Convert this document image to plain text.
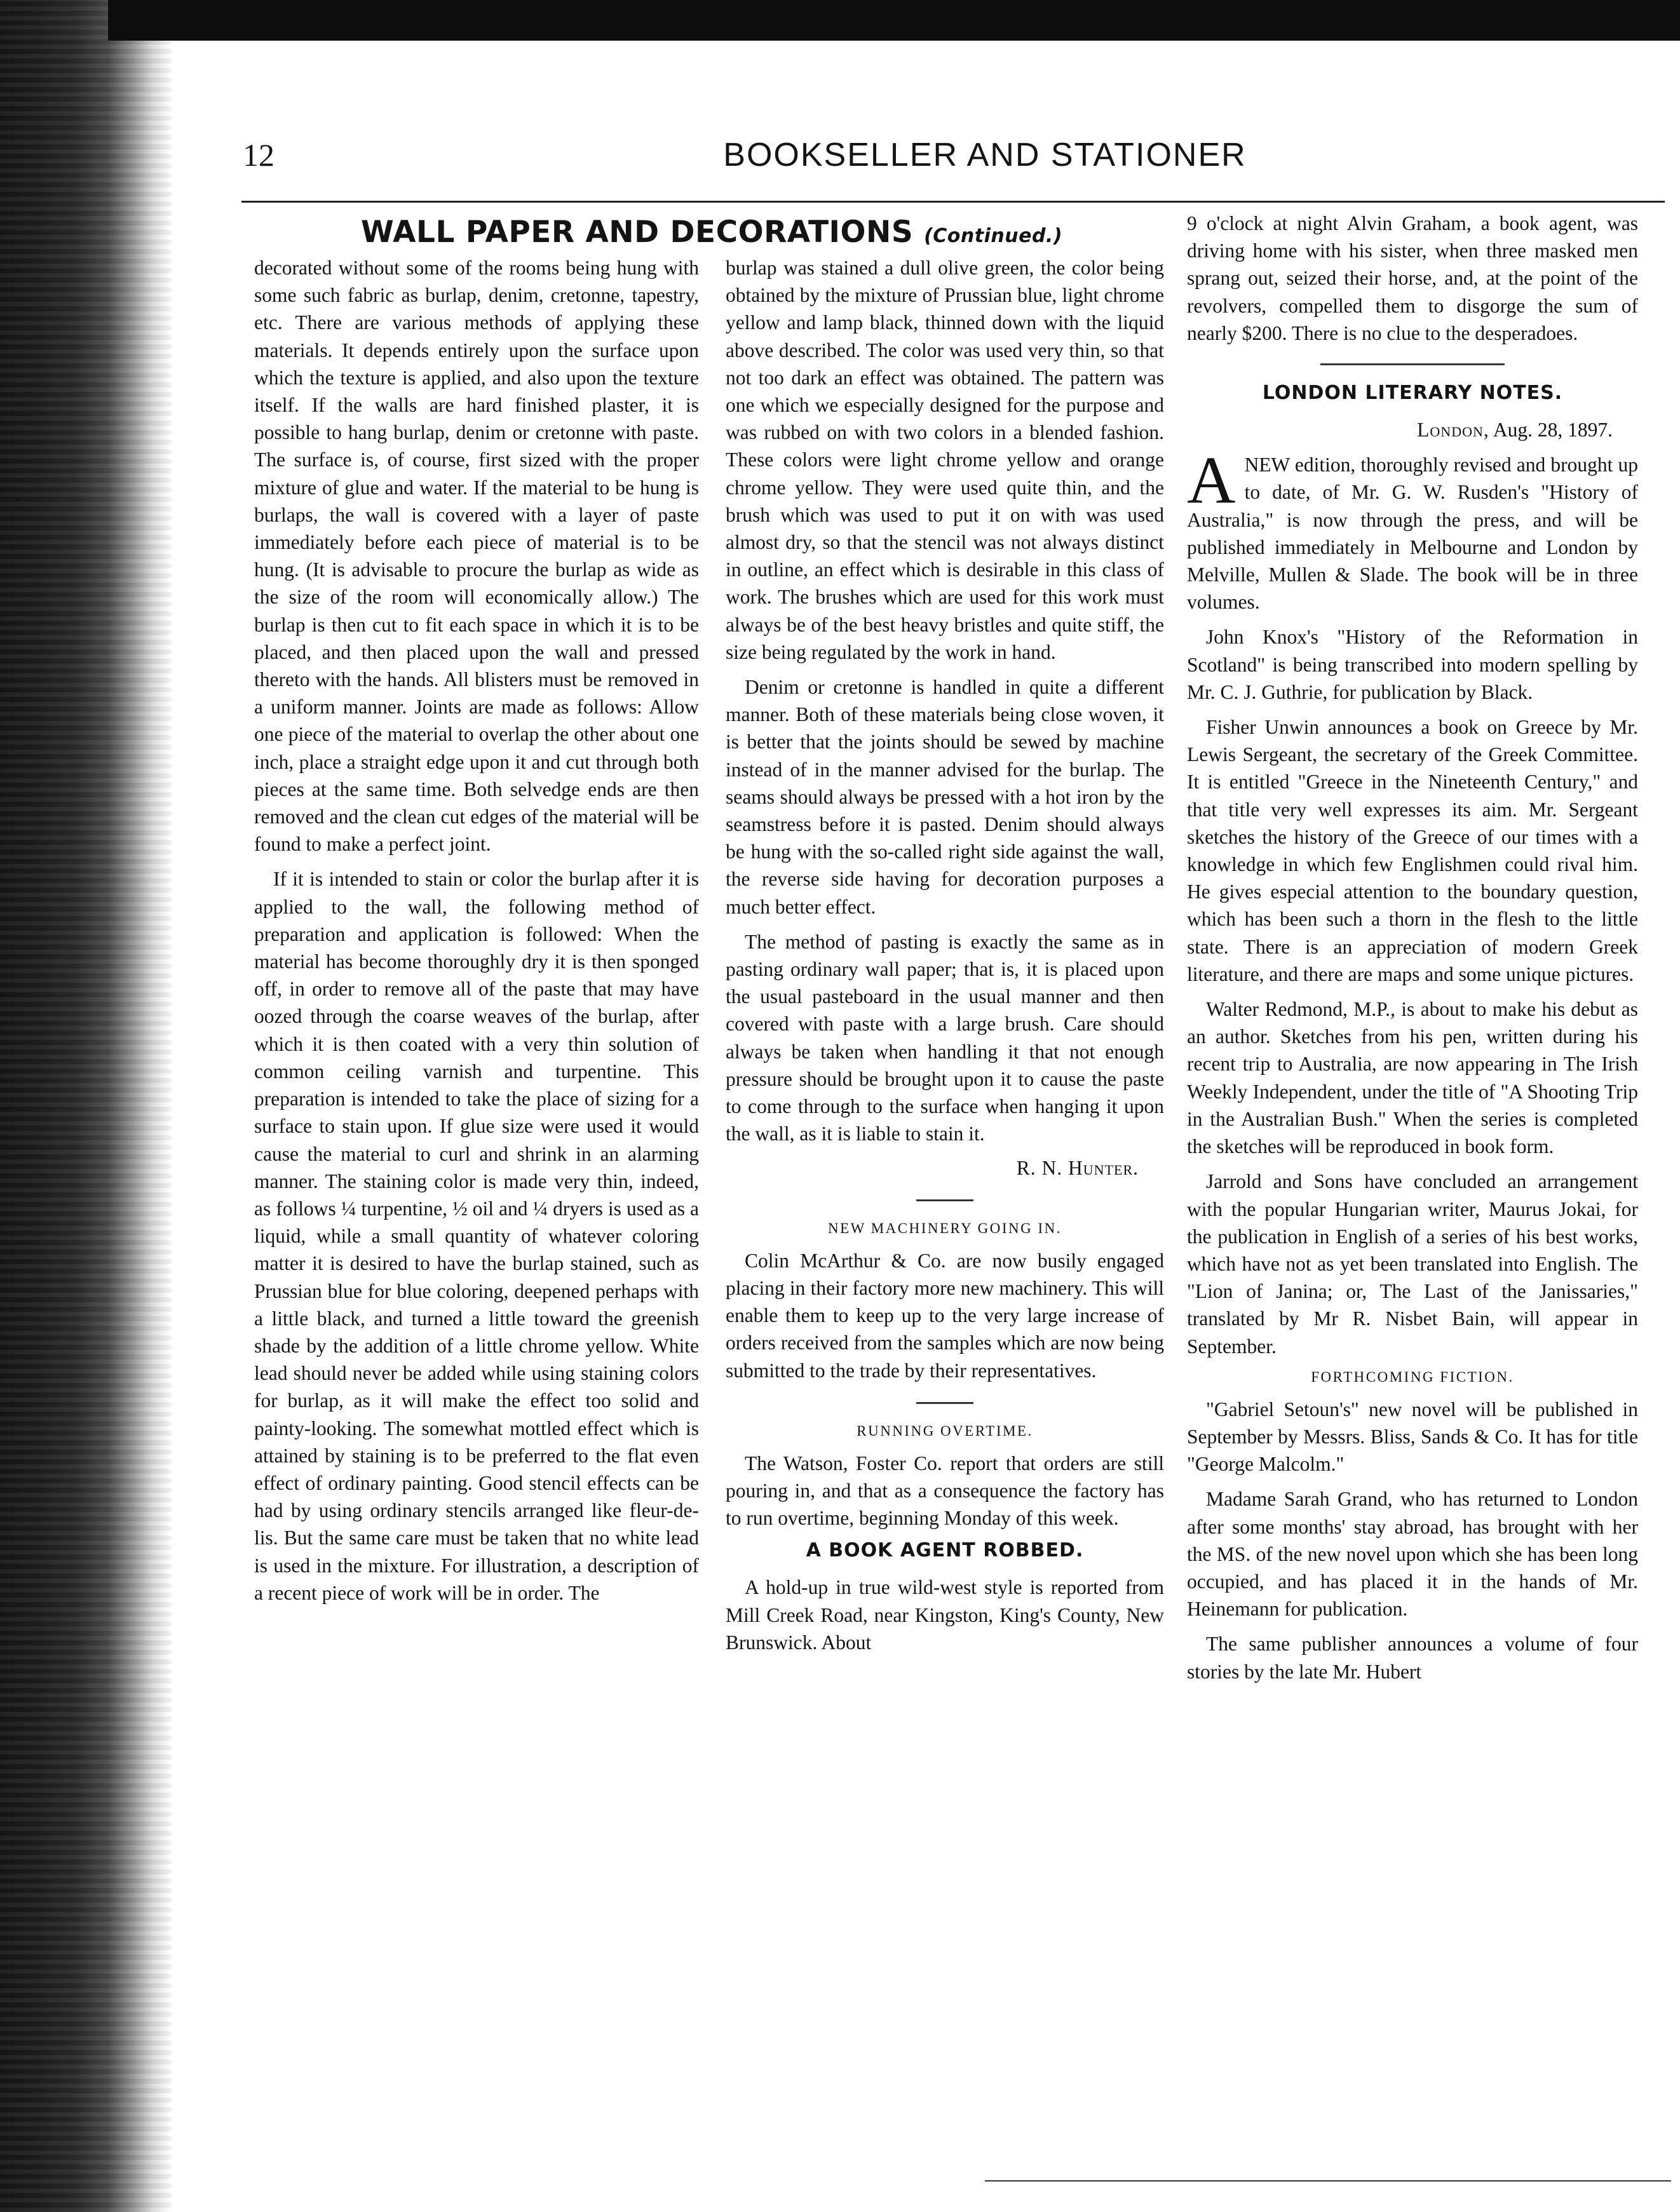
12	BOOKSELLER AND STATIONER
WALL PAPER AND DECORATIONS (Continued.)

decorated without some of the rooms being hung with some such fabric as burlap, denim, cretonne, tapestry, etc. There are various methods of applying these materials. It depends entirely upon the surface upon which the texture is applied, and also upon the texture itself. If the walls are hard finished plaster, it is possible to hang burlap, denim or cretonne with paste. The surface is, of course, first sized with the proper mixture of glue and water. If the material to be hung is burlaps, the wall is covered with a layer of paste immediately before each piece of material is to be hung. (It is advisable to procure the burlap as wide as the size of the room will economically allow.) The burlap is then cut to fit each space in which it is to be placed, and then placed upon the wall and pressed thereto with the hands. All blisters must be removed in a uniform manner. Joints are made as follows: Allow one piece of the material to overlap the other about one inch, place a straight edge upon it and cut through both pieces at the same time. Both selvedge ends are then removed and the clean cut edges of the material will be found to make a perfect joint.

If it is intended to stain or color the burlap after it is applied to the wall, the following method of preparation and application is followed: When the material has become thoroughly dry it is then sponged off, in order to remove all of the paste that may have oozed through the coarse weaves of the burlap, after which it is then coated with a very thin solution of common ceiling varnish and turpentine. This preparation is intended to take the place of sizing for a surface to stain upon. If glue size were used it would cause the material to curl and shrink in an alarming manner. The staining color is made very thin, indeed, as follows ¼ turpentine, ½ oil and ¼ dryers is used as a liquid, while a small quantity of whatever coloring matter it is desired to have the burlap stained, such as Prussian blue for blue coloring, deepened perhaps with a little black, and turned a little toward the greenish shade by the addition of a little chrome yellow. White lead should never be added while using staining colors for burlap, as it will make the effect too solid and painty-looking. The somewhat mottled effect which is attained by staining is to be preferred to the flat even effect of ordinary painting. Good stencil effects can be had by using ordinary stencils arranged like fleur-de-lis. But the same care must be taken that no white lead is used in the mixture. For illustration, a description of a recent piece of work will be in order. The

burlap was stained a dull olive green, the color being obtained by the mixture of Prussian blue, light chrome yellow and lamp black, thinned down with the liquid above described. The color was used very thin, so that not too dark an effect was obtained. The pattern was one which we especially designed for the purpose and was rubbed on with two colors in a blended fashion. These colors were light chrome yellow and orange chrome yellow. They were used quite thin, and the brush which was used to put it on with was used almost dry, so that the stencil was not always distinct in outline, an effect which is desirable in this class of work. The brushes which are used for this work must always be of the best heavy bristles and quite stiff, the size being regulated by the work in hand.

Denim or cretonne is handled in quite a different manner. Both of these materials being close woven, it is better that the joints should be sewed by machine instead of in the manner advised for the burlap. The seams should always be pressed with a hot iron by the seamstress before it is pasted. Denim should always be hung with the so-called right side against the wall, the reverse side having for decoration purposes a much better effect.

The method of pasting is exactly the same as in pasting ordinary wall paper; that is, it is placed upon the usual pasteboard in the usual manner and then covered with paste with a large brush. Care should always be taken when handling it that not enough pressure should be brought upon it to cause the paste to come through to the surface when hanging it upon the wall, as it is liable to stain it.

R. N. Hunter.
NEW MACHINERY GOING IN.

Colin McArthur & Co. are now busily engaged placing in their factory more new machinery. This will enable them to keep up to the very large increase of orders received from the samples which are now being submitted to the trade by their representatives.

RUNNING OVERTIME.

The Watson, Foster Co. report that orders are still pouring in, and that as a consequence the factory has to run overtime, beginning Monday of this week.

A BOOK AGENT ROBBED.

A hold-up in true wild-west style is reported from Mill Creek Road, near Kingston, King's County, New Brunswick. About

9 o'clock at night Alvin Graham, a book agent, was driving home with his sister, when three masked men sprang out, seized their horse, and, at the point of the revolvers, compelled them to disgorge the sum of nearly $200. There is no clue to the desperadoes.

LONDON LITERARY NOTES.

London, Aug. 28, 1897.

A NEW edition, thoroughly revised and brought up to date, of Mr. G. W. Rusden's "History of Australia," is now through the press, and will be published immediately in Melbourne and London by Melville, Mullen & Slade. The book will be in three volumes.

John Knox's "History of the Reformation in Scotland" is being transcribed into modern spelling by Mr. C. J. Guthrie, for publication by Black.

Fisher Unwin announces a book on Greece by Mr. Lewis Sergeant, the secretary of the Greek Committee. It is entitled "Greece in the Nineteenth Century," and that title very well expresses its aim. Mr. Sergeant sketches the history of the Greece of our times with a knowledge in which few Englishmen could rival him. He gives especial attention to the boundary question, which has been such a thorn in the flesh to the little state. There is an appreciation of modern Greek literature, and there are maps and some unique pictures.

Walter Redmond, M.P., is about to make his debut as an author. Sketches from his pen, written during his recent trip to Australia, are now appearing in The Irish Weekly Independent, under the title of "A Shooting Trip in the Australian Bush." When the series is completed the sketches will be reproduced in book form.

Jarrold and Sons have concluded an arrangement with the popular Hungarian writer, Maurus Jokai, for the publication in English of a series of his best works, which have not as yet been translated into English. The "Lion of Janina; or, The Last of the Janissaries," translated by Mr R. Nisbet Bain, will appear in September.

FORTHCOMING FICTION.

"Gabriel Setoun's" new novel will be published in September by Messrs. Bliss, Sands & Co. It has for title "George Malcolm."

Madame Sarah Grand, who has returned to London after some months' stay abroad, has brought with her the MS. of the new novel upon which she has been long occupied, and has placed it in the hands of Mr. Heinemann for publication.

The same publisher announces a volume of four stories by the late Mr. Hubert
